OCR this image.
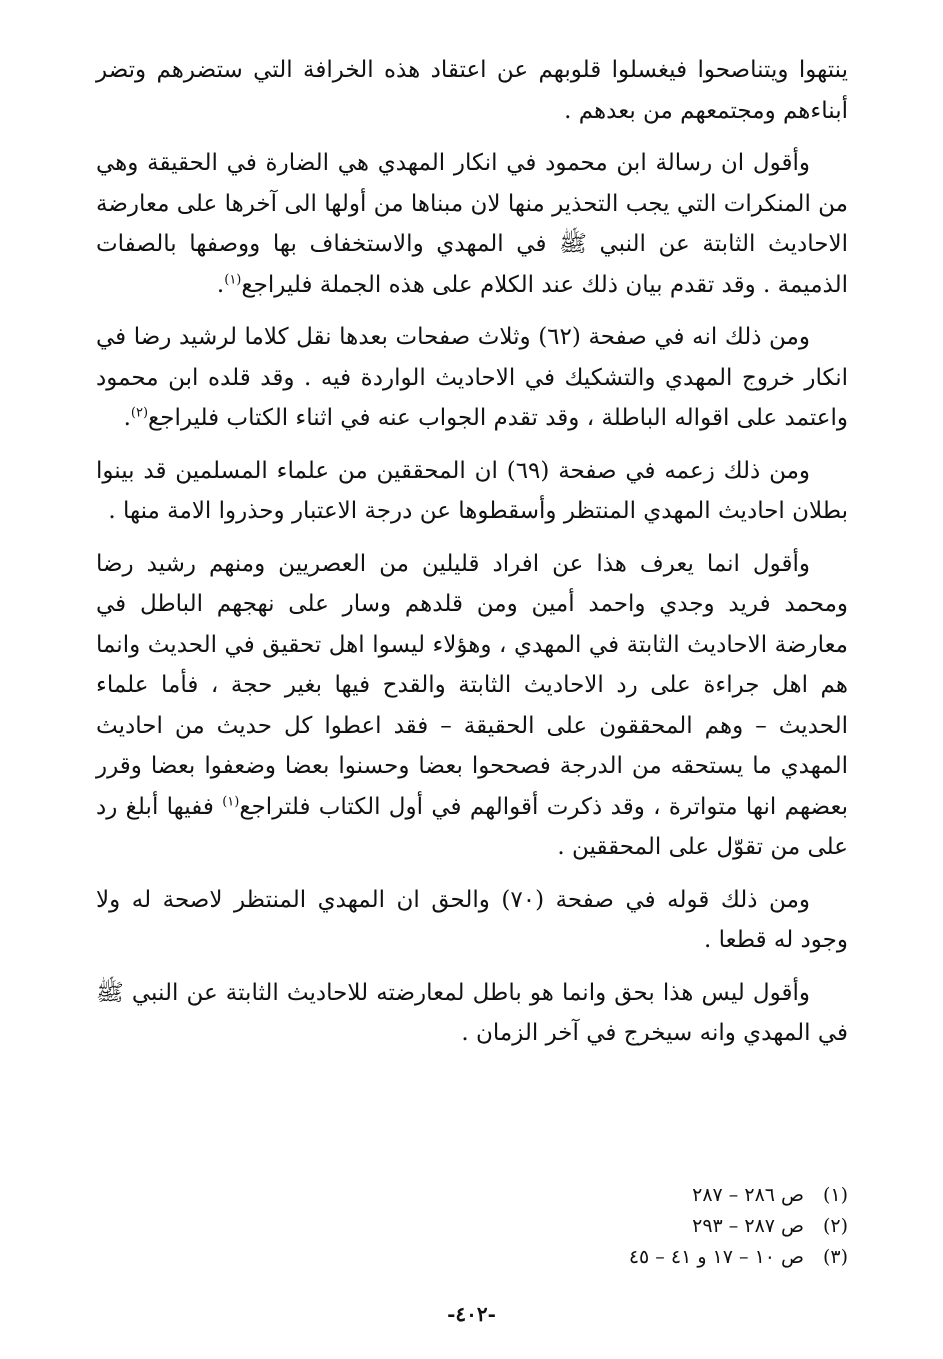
ينتهوا ويتناصحوا فيغسلوا قلوبهم عن اعتقاد هذه الخرافة التي ستضرهم وتضر أبناءهم ومجتمعهم من بعدهم .

وأقول ان رسالة ابن محمود في انكار المهدي هي الضارة في الحقيقة وهي من المنكرات التي يجب التحذير منها لان مبناها من أولها الى آخرها على معارضة الاحاديث الثابتة عن النبي ﷺ في المهدي والاستخفاف بها ووصفها بالصفات الذميمة . وقد تقدم بيان ذلك عند الكلام على هذه الجملة فليراجع$^{(١)}$.

ومن ذلك انه في صفحة (٦٢) وثلاث صفحات بعدها نقل كلاما لرشيد رضا في انكار خروج المهدي والتشكيك في الاحاديث الواردة فيه . وقد قلده ابن محمود واعتمد على اقواله الباطلة ، وقد تقدم الجواب عنه في اثناء الكتاب فليراجع$^{(٢)}$.

ومن ذلك زعمه في صفحة (٦٩) ان المحققين من علماء المسلمين قد بينوا بطلان احاديث المهدي المنتظر وأسقطوها عن درجة الاعتبار وحذروا الامة منها .

وأقول انما يعرف هذا عن افراد قليلين من العصريين ومنهم رشيد رضا ومحمد فريد وجدي واحمد أمين ومن قلدهم وسار على نهجهم الباطل في معارضة الاحاديث الثابتة في المهدي ، وهؤلاء ليسوا اهل تحقيق في الحديث وانما هم اهل جراءة على رد الاحاديث الثابتة والقدح فيها بغير حجة ، فأما علماء الحديث – وهم المحققون على الحقيقة – فقد اعطوا كل حديث من احاديث المهدي ما يستحقه من الدرجة فصححوا بعضا وحسنوا بعضا وضعفوا بعضا وقرر بعضهم انها متواترة ، وقد ذكرت أقوالهم في أول الكتاب فلتراجع$^{(١)}$ ففيها أبلغ رد على من تقوّل على المحققين .

ومن ذلك قوله في صفحة (٧٠) والحق ان المهدي المنتظر لاصحة له ولا وجود له قطعا .

وأقول ليس هذا بحق وانما هو باطل لمعارضته للاحاديث الثابتة عن النبي ﷺ في المهدي وانه سيخرج في آخر الزمان .

(١)ص ٢٨٦ – ٢٨٧
(٢)ص ٢٨٧ – ٢٩٣
(٣)ص ١٠ – ١٧ و ٤١ – ٤٥
-٤٠٢-
